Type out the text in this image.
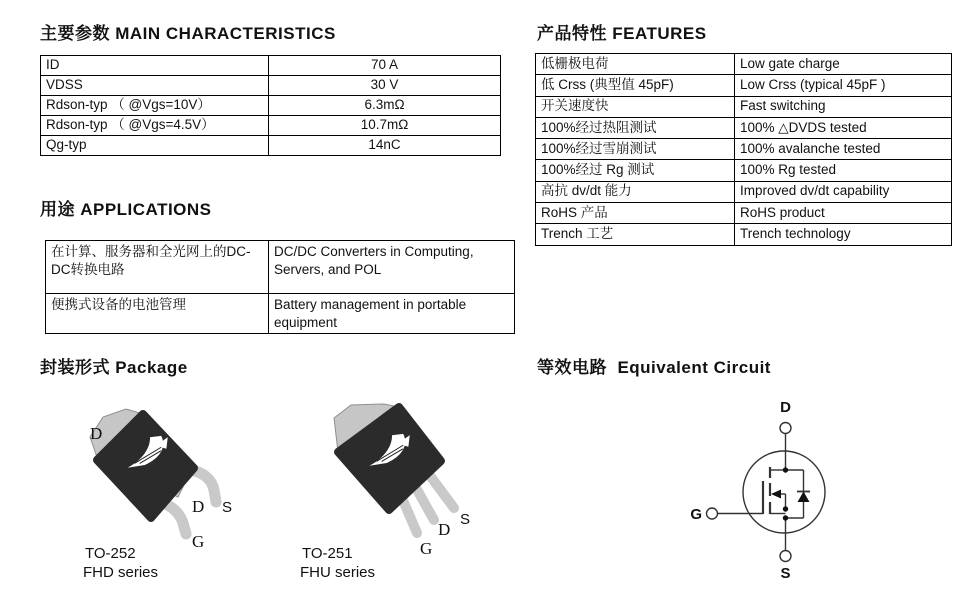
主要参数 MAIN CHARACTERISTICS
ID	70 A
VDSS	30 V
Rdson-typ （ @Vgs=10V）	6.3mΩ
Rdson-typ （ @Vgs=4.5V）	10.7mΩ
Qg-typ	14nC
产品特性 FEATURES
低栅极电荷	Low gate charge
低 Crss (典型值 45pF)	Low Crss (typical 45pF )
开关速度快	Fast switching
100%经过热阻测试	100% △DVDS tested
100%经过雪崩测试	100% avalanche tested
100%经过 Rg 测试	100% Rg tested
高抗 dv/dt 能力	Improved dv/dt capability
RoHS 产品	RoHS product
Trench 工艺	Trench technology
用途 APPLICATIONS
在计算、服务器和全光网上的DC-DC转换电路	DC/DC Converters in Computing, Servers, and POL
便携式设备的电池管理	Battery management in portable equipment
封装形式 Package	等效电路  Equivalent Circuit
D
D S
G
TO-252
FHD series
S
D
G
TO-251
FHU series
D
G
S
